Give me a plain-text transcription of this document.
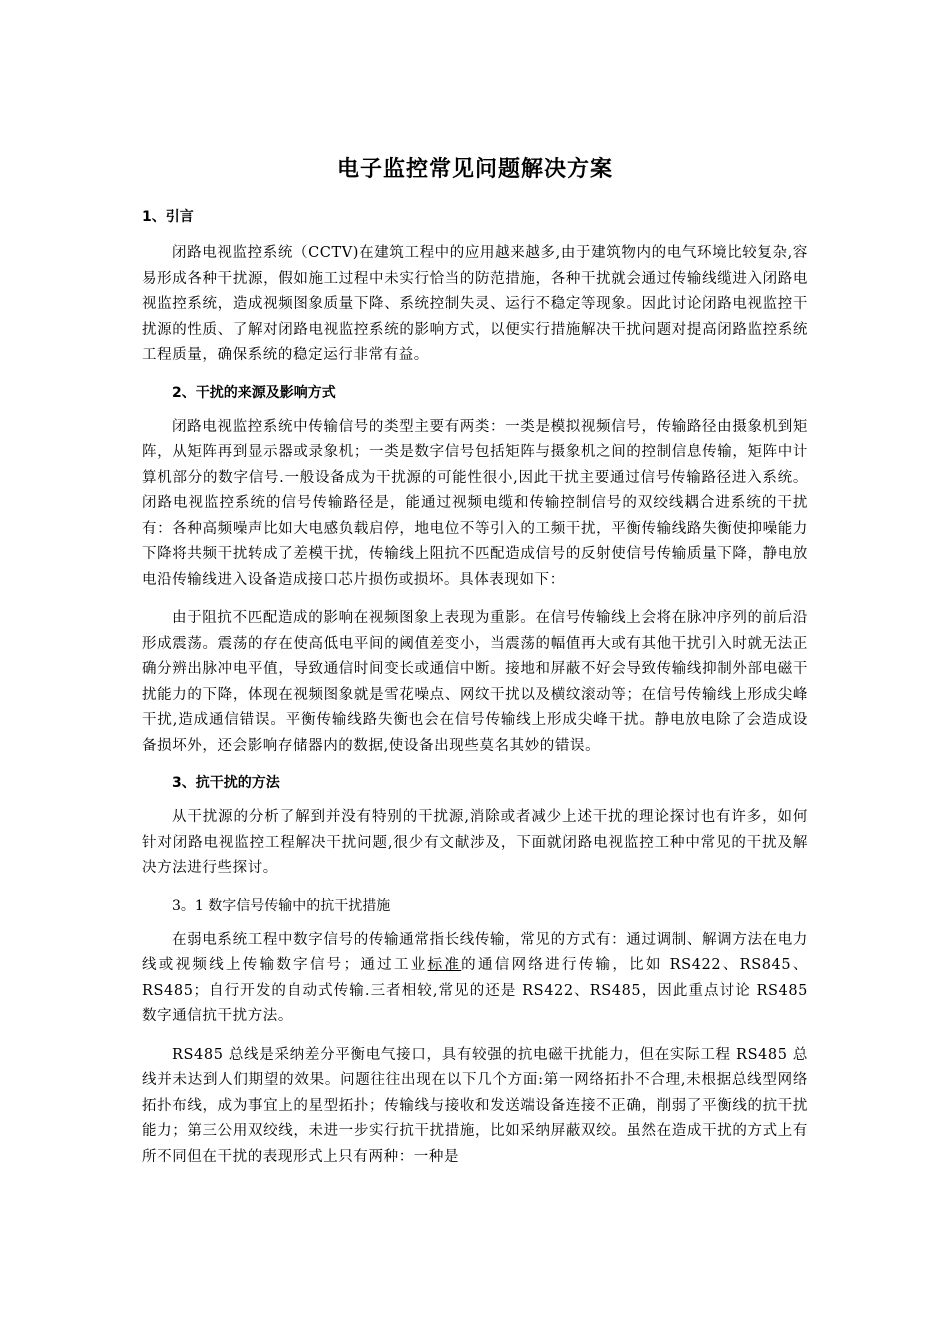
电子监控常见问题解决方案
1、引言

闭路电视监控系统（CCTV)在建筑工程中的应用越来越多,由于建筑物内的电气环境比较复杂,容易形成各种干扰源，假如施工过程中未实行恰当的防范措施，各种干扰就会通过传输线缆进入闭路电视监控系统，造成视频图象质量下降、系统控制失灵、运行不稳定等现象。因此讨论闭路电视监控干扰源的性质、了解对闭路电视监控系统的影响方式，以便实行措施解决干扰问题对提高闭路监控系统工程质量，确保系统的稳定运行非常有益。

2、干扰的来源及影响方式

闭路电视监控系统中传输信号的类型主要有两类：一类是模拟视频信号，传输路径由摄象机到矩阵，从矩阵再到显示器或录象机；一类是数字信号包括矩阵与摄象机之间的控制信息传输，矩阵中计算机部分的数字信号.一般设备成为干扰源的可能性很小,因此干扰主要通过信号传输路径进入系统。闭路电视监控系统的信号传输路径是，能通过视频电缆和传输控制信号的双绞线耦合进系统的干扰有：各种高频噪声比如大电感负载启停，地电位不等引入的工频干扰，平衡传输线路失衡使抑噪能力下降将共频干扰转成了差模干扰，传输线上阻抗不匹配造成信号的反射使信号传输质量下降，静电放电沿传输线进入设备造成接口芯片损伤或损坏。具体表现如下：

由于阻抗不匹配造成的影响在视频图象上表现为重影。在信号传输线上会将在脉冲序列的前后沿形成震荡。震荡的存在使高低电平间的阈值差变小，当震荡的幅值再大或有其他干扰引入时就无法正确分辨出脉冲电平值，导致通信时间变长或通信中断。接地和屏蔽不好会导致传输线抑制外部电磁干扰能力的下降，体现在视频图象就是雪花噪点、网纹干扰以及横纹滚动等；在信号传输线上形成尖峰干扰,造成通信错误。平衡传输线路失衡也会在信号传输线上形成尖峰干扰。静电放电除了会造成设备损坏外，还会影响存储器内的数据,使设备出现些莫名其妙的错误。

3、抗干扰的方法

从干扰源的分析了解到并没有特别的干扰源,消除或者减少上述干扰的理论探讨也有许多，如何针对闭路电视监控工程解决干扰问题,很少有文献涉及，下面就闭路电视监控工种中常见的干扰及解决方法进行些探讨。

3。1 数字信号传输中的抗干扰措施

在弱电系统工程中数字信号的传输通常指长线传输，常见的方式有：通过调制、解调方法在电力线或视频线上传输数字信号；通过工业标准的通信网络进行传输，比如 RS422、RS845、RS485；自行开发的自动式传输.三者相较,常见的还是 RS422、RS485，因此重点讨论 RS485 数字通信抗干扰方法。

RS485 总线是采纳差分平衡电气接口，具有较强的抗电磁干扰能力，但在实际工程 RS485 总线并未达到人们期望的效果。问题往往出现在以下几个方面:第一网络拓扑不合理,未根据总线型网络拓扑布线，成为事宜上的星型拓扑；传输线与接收和发送端设备连接不正确，削弱了平衡线的抗干扰能力；第三公用双绞线，未进一步实行抗干扰措施，比如采纳屏蔽双绞。虽然在造成干扰的方式上有所不同但在干扰的表现形式上只有两种：一种是
